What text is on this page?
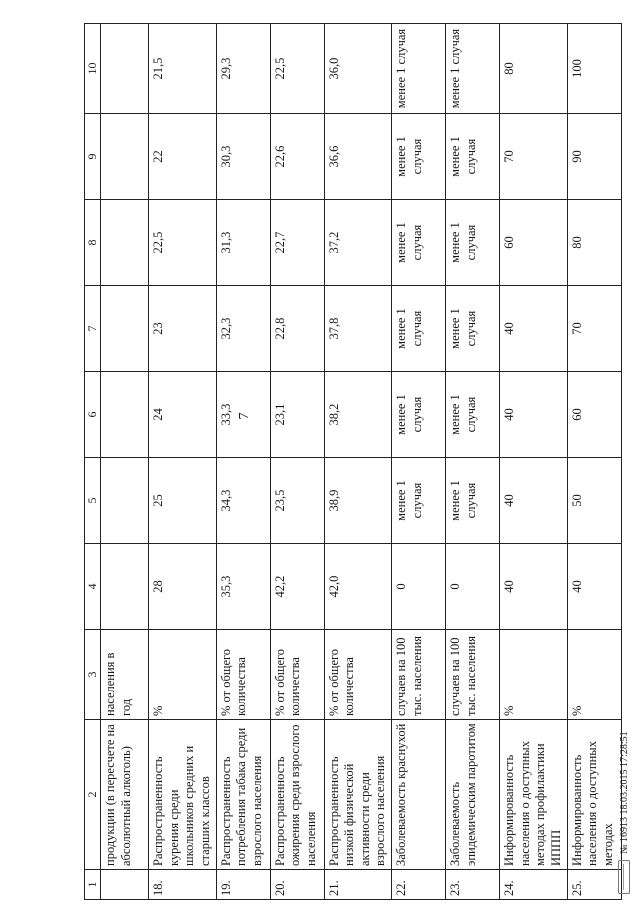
7
1	2	3	4	5	6	7	8	9	10
	продукции (в пересчете на абсолютный алкоголь)	населения в год							
18.	Распространенность курения среди школьников средних и старших классов	%	28	25	24	23	22,5	22	21,5
19.	Распространенность потребления табака среди взрослого населения	% от общего количества	35,3	34,3	33,3	32,3	31,3	30,3	29,3
20.	Распространенность ожирения среди взрослого населения	% от общего количества	42,2	23,5	23,1	22,8	22,7	22,6	22,5
21.	Распространенность низкой физической активности среди взрослого населения	% от общего количества	42,0	38,9	38,2	37,8	37,2	36,6	36,0
22.	Заболеваемость краснухой	случаев на 100 тыс. населения	0	менее 1 случая	менее 1 случая	менее 1 случая	менее 1 случая	менее 1 случая	менее 1 случая
23.	Заболеваемость эпидемическим паротитом	случаев на 100 тыс. населения	0	менее 1 случая	менее 1 случая	менее 1 случая	менее 1 случая	менее 1 случая	менее 1 случая
24.	Информированность населения о доступных методах профилактики ИППП	%	40	40	40	40	60	70	80
25.	Информированность населения о доступных методах	%	40	50	60	70	80	90	100
№ 16913 18.03.2015 17:28:51
